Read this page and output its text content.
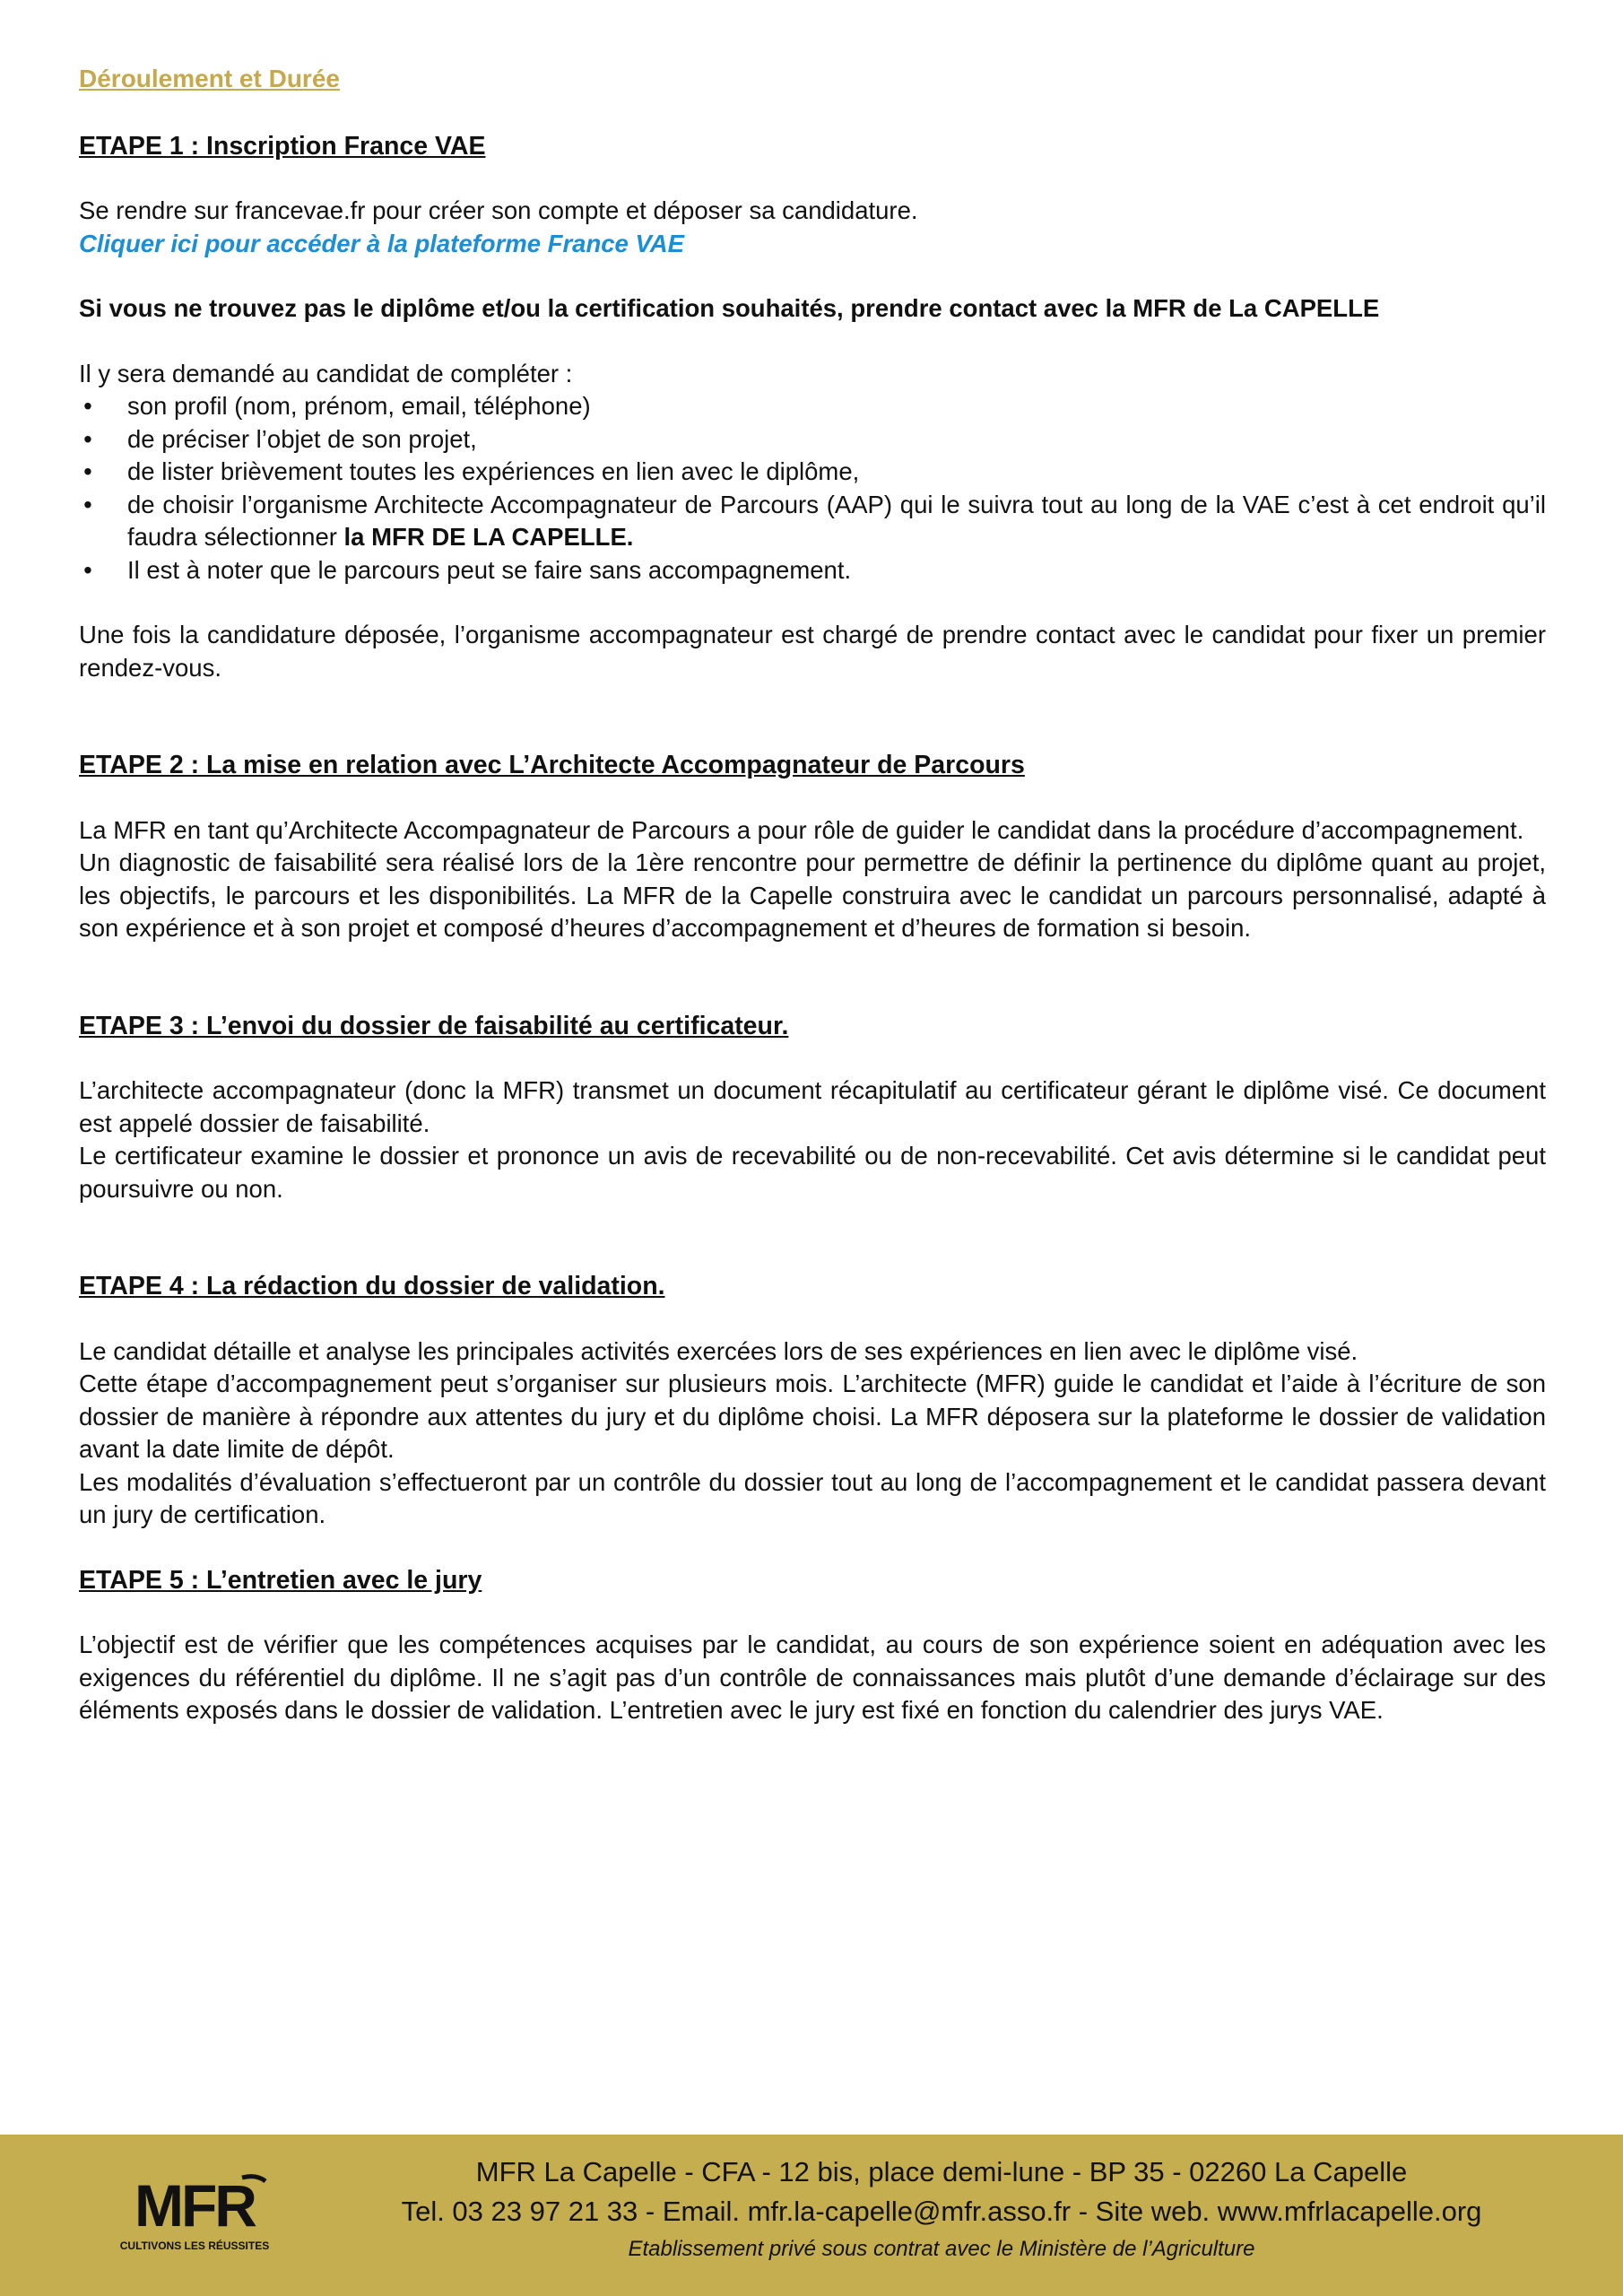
Déroulement et Durée
ETAPE 1 : Inscription France VAE

Se rendre sur francevae.fr pour créer son compte et déposer sa candidature.

Cliquer ici pour accéder à la plateforme France VAE

Si vous ne trouvez pas le diplôme et/ou la certification souhaités, prendre contact avec la MFR de La CAPELLE

Il y sera demandé au candidat de compléter :

• son profil (nom, prénom, email, téléphone)
• de préciser l’objet de son projet,
• de lister brièvement toutes les expériences en lien avec le diplôme,
• de choisir l’organisme Architecte Accompagnateur de Parcours (AAP) qui le suivra tout au long de la VAE c’est à cet endroit qu’il faudra sélectionner la MFR DE LA CAPELLE.
• Il est à noter que le parcours peut se faire sans accompagnement.

Une fois la candidature déposée, l’organisme accompagnateur est chargé de prendre contact avec le candidat pour fixer un premier rendez-vous.

ETAPE 2 : La mise en relation avec L’Architecte Accompagnateur de Parcours

La MFR en tant qu’Architecte Accompagnateur de Parcours a pour rôle de guider le candidat dans la procédure d’accompagnement.

Un diagnostic de faisabilité sera réalisé lors de la 1ère rencontre pour permettre de définir la pertinence du diplôme quant au projet, les objectifs, le parcours et les disponibilités. La MFR de la Capelle construira avec le candidat un parcours personnalisé, adapté à son expérience et à son projet et composé d’heures d’accompagnement et d’heures de formation si besoin.

ETAPE 3 : L’envoi du dossier de faisabilité au certificateur.

L’architecte accompagnateur (donc la MFR) transmet un document récapitulatif au certificateur gérant le diplôme visé. Ce document est appelé dossier de faisabilité.

Le certificateur examine le dossier et prononce un avis de recevabilité ou de non-recevabilité. Cet avis détermine si le candidat peut poursuivre ou non.

ETAPE 4 : La rédaction du dossier de validation.

Le candidat détaille et analyse les principales activités exercées lors de ses expériences en lien avec le diplôme visé.

Cette étape d’accompagnement peut s’organiser sur plusieurs mois. L’architecte (MFR) guide le candidat et l’aide à l’écriture de son dossier de manière à répondre aux attentes du jury et du diplôme choisi. La MFR déposera sur la plateforme le dossier de validation avant la date limite de dépôt.

Les modalités d’évaluation s’effectueront par un contrôle du dossier tout au long de l’accompagnement et le candidat passera devant un jury de certification.

ETAPE 5 : L’entretien avec le jury

L’objectif est de vérifier que les compétences acquises par le candidat, au cours de son expérience soient en adéquation avec les exigences du référentiel du diplôme. Il ne s’agit pas d’un contrôle de connaissances mais plutôt d’une demande d’éclairage sur des éléments exposés dans le dossier de validation. L’entretien avec le jury est fixé en fonction du calendrier des jurys VAE.

MFR
CULTIVONS LES RÉUSSITES
MFR La Capelle - CFA - 12 bis, place demi-lune - BP 35 - 02260 La Capelle
Tel. 03 23 97 21 33 - Email. mfr.la-capelle@mfr.asso.fr - Site web. www.mfrlacapelle.org
Etablissement privé sous contrat avec le Ministère de l’Agriculture
